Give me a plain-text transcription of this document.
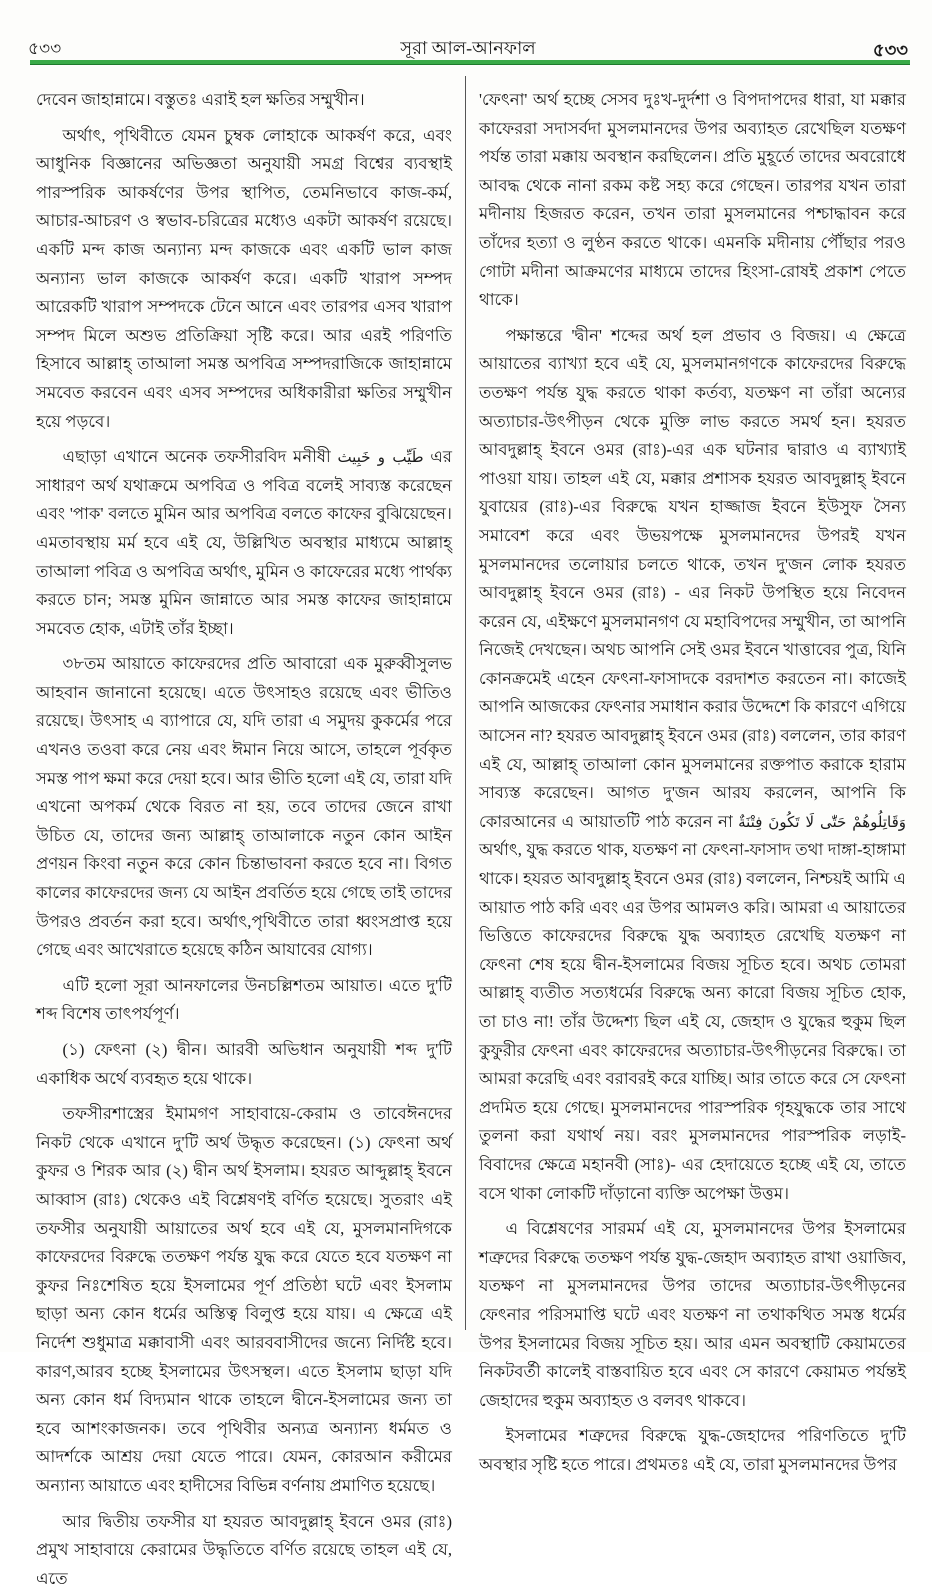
৫৩৩	সূরা আল-আনফাল	৫৩৩

দেবেন জাহান্নামে। বস্তুতঃ এরাই হল ক্ষতির সম্মুখীন।

অর্থাৎ, পৃথিবীতে যেমন চুম্বক লোহাকে আকর্ষণ করে, এবং আধুনিক বিজ্ঞানের অভিজ্ঞতা অনুযায়ী সমগ্র বিশ্বের ব্যবস্থাই পারস্পরিক আকর্ষণের উপর স্থাপিত, তেমনিভাবে কাজ-কর্ম, আচার-আচরণ ও স্বভাব-চরিত্রের মধ্যেও একটা আকর্ষণ রয়েছে। একটি মন্দ কাজ অন্যান্য মন্দ কাজকে এবং একটি ভাল কাজ অন্যান্য ভাল কাজকে আকর্ষণ করে। একটি খারাপ সম্পদ আরেকটি খারাপ সম্পদকে টেনে আনে এবং তারপর এসব খারাপ সম্পদ মিলে অশুভ প্রতিক্রিয়া সৃষ্টি করে। আর এরই পরিণতি হিসাবে আল্লাহ্ তাআলা সমস্ত অপবিত্র সম্পদরাজিকে জাহান্নামে সমবেত করবেন এবং এসব সম্পদের অধিকারীরা ক্ষতির সম্মুখীন হয়ে পড়বে।

এছাড়া এখানে অনেক তফসীরবিদ মনীষী طَيِّب و خَبِيث এর সাধারণ অর্থ যথাক্রমে অপবিত্র ও পবিত্র বলেই সাব্যস্ত করেছেন এবং 'পাক' বলতে মুমিন আর অপবিত্র বলতে কাফের বুঝিয়েছেন। এমতাবস্থায় মর্ম হবে এই যে, উল্লিখিত অবস্থার মাধ্যমে আল্লাহ্ তাআলা পবিত্র ও অপবিত্র অর্থাৎ, মুমিন ও কাফেরের মধ্যে পার্থক্য করতে চান; সমস্ত মুমিন জান্নাতে আর সমস্ত কাফের জাহান্নামে সমবেত হোক, এটাই তাঁর ইচ্ছা।

৩৮তম আয়াতে কাফেরদের প্রতি আবারো এক মুরুব্বীসুলভ আহবান জানানো হয়েছে। এতে উৎসাহও রয়েছে এবং ভীতিও রয়েছে। উৎসাহ এ ব্যাপারে যে, যদি তারা এ সমুদয় কুকর্মের পরে এখনও তওবা করে নেয় এবং ঈমান নিয়ে আসে, তাহলে পূর্বকৃত সমস্ত পাপ ক্ষমা করে দেয়া হবে। আর ভীতি হলো এই যে, তারা যদি এখনো অপকর্ম থেকে বিরত না হয়, তবে তাদের জেনে রাখা উচিত যে, তাদের জন্য আল্লাহ্ তাআলাকে নতুন কোন আইন প্রণয়ন কিংবা নতুন করে কোন চিন্তাভাবনা করতে হবে না। বিগত কালের কাফেরদের জন্য যে আইন প্রবর্তিত হয়ে গেছে তাই তাদের উপরও প্রবর্তন করা হবে। অর্থাৎ,পৃথিবীতে তারা ধ্বংসপ্রাপ্ত হয়ে গেছে এবং আখেরাতে হয়েছে কঠিন আযাবের যোগ্য।

এটি হলো সূরা আনফালের উনচল্লিশতম আয়াত। এতে দু'টি শব্দ বিশেষ তাৎপর্যপূর্ণ।

(১) ফেৎনা (২) দ্বীন। আরবী অভিধান অনুযায়ী শব্দ দু'টি একাধিক অর্থে ব্যবহৃত হয়ে থাকে।

তফসীরশাস্ত্রের ইমামগণ সাহাবায়ে-কেরাম ও তাবেঈনদের নিকট থেকে এখানে দু'টি অর্থ উদ্ধৃত করেছেন। (১) ফেৎনা অর্থ কুফর ও শিরক আর (২) দ্বীন অর্থ ইসলাম। হযরত আব্দুল্লাহ্ ইবনে আব্বাস (রাঃ) থেকেও এই বিশ্লেষণই বর্ণিত হয়েছে। সুতরাং এই তফসীর অনুযায়ী আয়াতের অর্থ হবে এই যে, মুসলমানদিগকে কাফেরদের বিরুদ্ধে ততক্ষণ পর্যন্ত যুদ্ধ করে যেতে হবে যতক্ষণ না কুফর নিঃশেষিত হয়ে ইসলামের পূর্ণ প্রতিষ্ঠা ঘটে এবং ইসলাম ছাড়া অন্য কোন ধর্মের অস্তিত্ব বিলুপ্ত হয়ে যায়। এ ক্ষেত্রে এই নির্দেশ শুধুমাত্র মক্কাবাসী এবং আরববাসীদের জন্যে নির্দিষ্ট হবে। কারণ,আরব হচ্ছে ইসলামের উৎসস্থল। এতে ইসলাম ছাড়া যদি অন্য কোন ধর্ম বিদ্যমান থাকে তাহলে দ্বীনে-ইসলামের জন্য তা হবে আশংকাজনক। তবে পৃথিবীর অন্যত্র অন্যান্য ধর্মমত ও আদর্শকে আশ্রয় দেয়া যেতে পারে। যেমন, কোরআন করীমের অন্যান্য আয়াতে এবং হাদীসের বিভিন্ন বর্ণনায় প্রমাণিত হয়েছে।

আর দ্বিতীয় তফসীর যা হযরত আবদুল্লাহ্ ইবনে ওমর (রাঃ) প্রমুখ সাহাবায়ে কেরামের উদ্ধৃতিতে বর্ণিত রয়েছে তাহল এই যে, এতে

'ফেৎনা' অর্থ হচ্ছে সেসব দুঃখ-দুর্দশা ও বিপদাপদের ধারা, যা মক্কার কাফেররা সদাসর্বদা মুসলমানদের উপর অব্যাহত রেখেছিল যতক্ষণ পর্যন্ত তারা মক্কায় অবস্থান করছিলেন। প্রতি মুহূর্তে তাদের অবরোধে আবদ্ধ থেকে নানা রকম কষ্ট সহ্য করে গেছেন। তারপর যখন তারা মদীনায় হিজরত করেন, তখন তারা মুসলমানের পশ্চাদ্ধাবন করে তাঁদের হত্যা ও লুণ্ঠন করতে থাকে। এমনকি মদীনায় পৌঁছার পরও গোটা মদীনা আক্রমণের মাধ্যমে তাদের হিংসা-রোষই প্রকাশ পেতে থাকে।

পক্ষান্তরে 'দ্বীন' শব্দের অর্থ হল প্রভাব ও বিজয়। এ ক্ষেত্রে আয়াতের ব্যাখ্যা হবে এই যে, মুসলমানগণকে কাফেরদের বিরুদ্ধে ততক্ষণ পর্যন্ত যুদ্ধ করতে থাকা কর্তব্য, যতক্ষণ না তাঁরা অন্যের অত্যাচার-উৎপীড়ন থেকে মুক্তি লাভ করতে সমর্থ হন। হযরত আবদুল্লাহ্ ইবনে ওমর (রাঃ)-এর এক ঘটনার দ্বারাও এ ব্যাখ্যাই পাওয়া যায়। তাহল এই যে, মক্কার প্রশাসক হযরত আবদুল্লাহ্ ইবনে যুবায়ের (রাঃ)-এর বিরুদ্ধে যখন হাজ্জাজ ইবনে ইউসুফ সৈন্য সমাবেশ করে এবং উভয়পক্ষে মুসলমানদের উপরই যখন মুসলমানদের তলোয়ার চলতে থাকে, তখন দু'জন লোক হযরত আবদুল্লাহ্ ইবনে ওমর (রাঃ) - এর নিকট উপস্থিত হয়ে নিবেদন করেন যে, এইক্ষণে মুসলমানগণ যে মহাবিপদের সম্মুখীন, তা আপনি নিজেই দেখছেন। অথচ আপনি সেই ওমর ইবনে খাত্তাবের পুত্র, যিনি কোনক্রমেই এহেন ফেৎনা-ফাসাদকে বরদাশত করতেন না। কাজেই আপনি আজকের ফেৎনার সমাধান করার উদ্দেশে কি কারণে এগিয়ে আসেন না? হযরত আবদুল্লাহ্ ইবনে ওমর (রাঃ) বললেন, তার কারণ এই যে, আল্লাহ্ তাআলা কোন মুসলমানের রক্তপাত করাকে হারাম সাব্যস্ত করেছেন। আগত দু'জন আরয করলেন, আপনি কি কোরআনের এ আয়াতটি পাঠ করেন না وَقَاتِلُوهُمْ حَتّٰى لَا تَكُونَ فِتْنَةٌ অর্থাৎ, যুদ্ধ করতে থাক, যতক্ষণ না ফেৎনা-ফাসাদ তথা দাঙ্গা-হাঙ্গামা থাকে। হযরত আবদুল্লাহ্ ইবনে ওমর (রাঃ) বললেন, নিশ্চয়ই আমি এ আয়াত পাঠ করি এবং এর উপর আমলও করি। আমরা এ আয়াতের ভিত্তিতে কাফেরদের বিরুদ্ধে যুদ্ধ অব্যাহত রেখেছি যতক্ষণ না ফেৎনা শেষ হয়ে দ্বীন-ইসলামের বিজয় সূচিত হবে। অথচ তোমরা আল্লাহ্ ব্যতীত সত্যধর্মের বিরুদ্ধে অন্য কারো বিজয় সূচিত হোক, তা চাও না! তাঁর উদ্দেশ্য ছিল এই যে, জেহাদ ও যুদ্ধের হুকুম ছিল কুফুরীর ফেৎনা এবং কাফেরদের অত্যাচার-উৎপীড়নের বিরুদ্ধে। তা আমরা করেছি এবং বরাবরই করে যাচ্ছি। আর তাতে করে সে ফেৎনা প্রদমিত হয়ে গেছে। মুসলমানদের পারস্পরিক গৃহযুদ্ধকে তার সাথে তুলনা করা যথার্থ নয়। বরং মুসলমানদের পারস্পরিক লড়াই-বিবাদের ক্ষেত্রে মহানবী (সাঃ)- এর হেদায়েতে হচ্ছে এই যে, তাতে বসে থাকা লোকটি দাঁড়ানো ব্যক্তি অপেক্ষা উত্তম।

এ বিশ্লেষণের সারমর্ম এই যে, মুসলমানদের উপর ইসলামের শত্রুদের বিরুদ্ধে ততক্ষণ পর্যন্ত যুদ্ধ-জেহাদ অব্যাহত রাখা ওয়াজিব, যতক্ষণ না মুসলমানদের উপর তাদের অত্যাচার-উৎপীড়নের ফেৎনার পরিসমাপ্তি ঘটে এবং যতক্ষণ না তথাকথিত সমস্ত ধর্মের উপর ইসলামের বিজয় সূচিত হয়। আর এমন অবস্থাটি কেয়ামতের নিকটবর্তী কালেই বাস্তবায়িত হবে এবং সে কারণে কেয়ামত পর্যন্তই জেহাদের হুকুম অব্যাহত ও বলবৎ থাকবে।

ইসলামের শত্রুদের বিরুদ্ধে যুদ্ধ-জেহাদের পরিণতিতে দু'টি অবস্থার সৃষ্টি হতে পারে। প্রথমতঃ এই যে, তারা মুসলমানদের উপর
